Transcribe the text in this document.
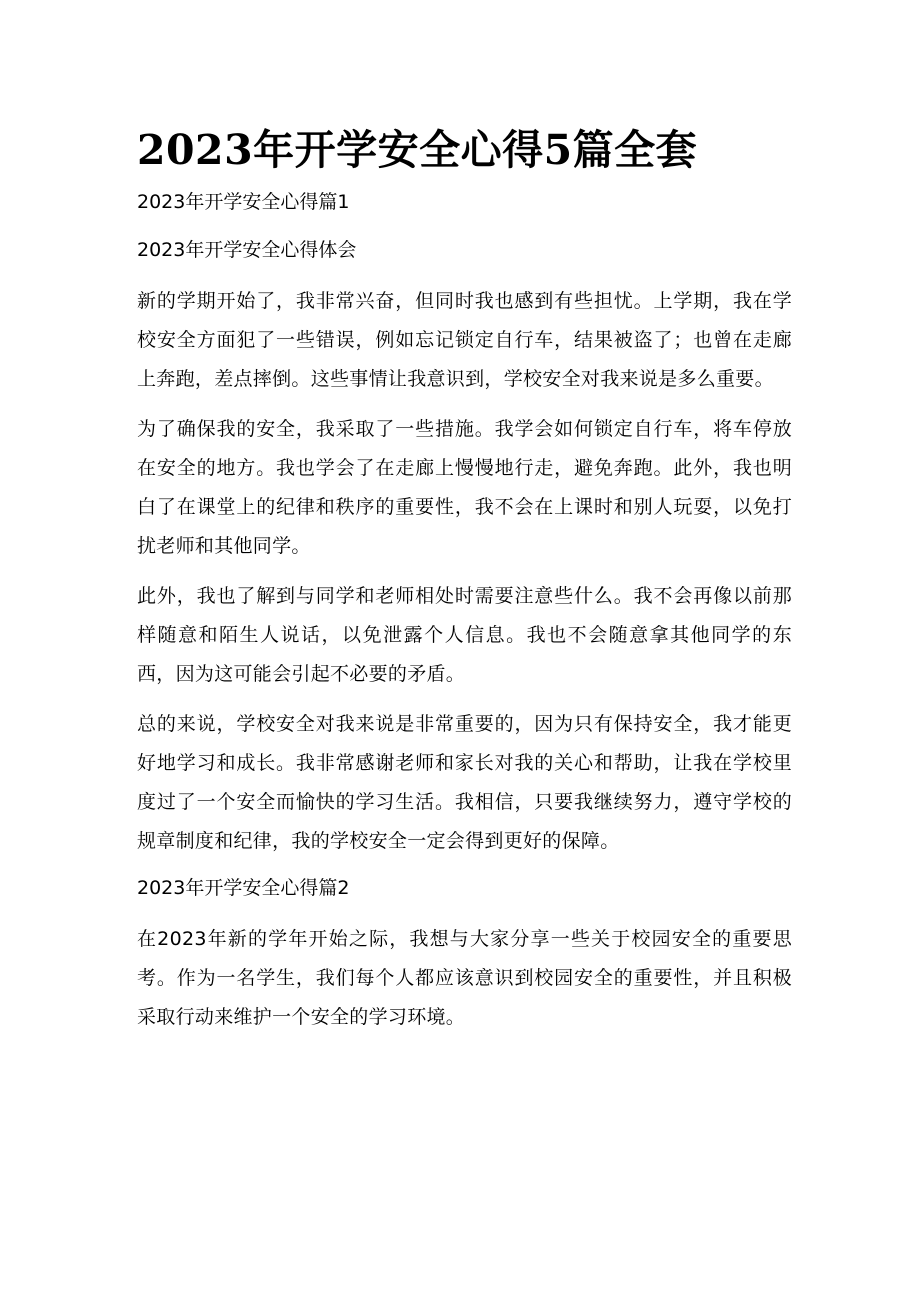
2023年开学安全心得5篇全套
2023年开学安全心得篇1
2023年开学安全心得体会

新的学期开始了，我非常兴奋，但同时我也感到有些担忧。上学期，我在学校安全方面犯了一些错误，例如忘记锁定自行车，结果被盗了；也曾在走廊上奔跑，差点摔倒。这些事情让我意识到，学校安全对我来说是多么重要。

为了确保我的安全，我采取了一些措施。我学会如何锁定自行车，将车停放在安全的地方。我也学会了在走廊上慢慢地行走，避免奔跑。此外，我也明白了在课堂上的纪律和秩序的重要性，我不会在上课时和别人玩耍，以免打扰老师和其他同学。

此外，我也了解到与同学和老师相处时需要注意些什么。我不会再像以前那样随意和陌生人说话，以免泄露个人信息。我也不会随意拿其他同学的东西，因为这可能会引起不必要的矛盾。

总的来说，学校安全对我来说是非常重要的，因为只有保持安全，我才能更好地学习和成长。我非常感谢老师和家长对我的关心和帮助，让我在学校里度过了一个安全而愉快的学习生活。我相信，只要我继续努力，遵守学校的规章制度和纪律，我的学校安全一定会得到更好的保障。

2023年开学安全心得篇2

在2023年新的学年开始之际，我想与大家分享一些关于校园安全的重要思考。作为一名学生，我们每个人都应该意识到校园安全的重要性，并且积极采取行动来维护一个安全的学习环境。
